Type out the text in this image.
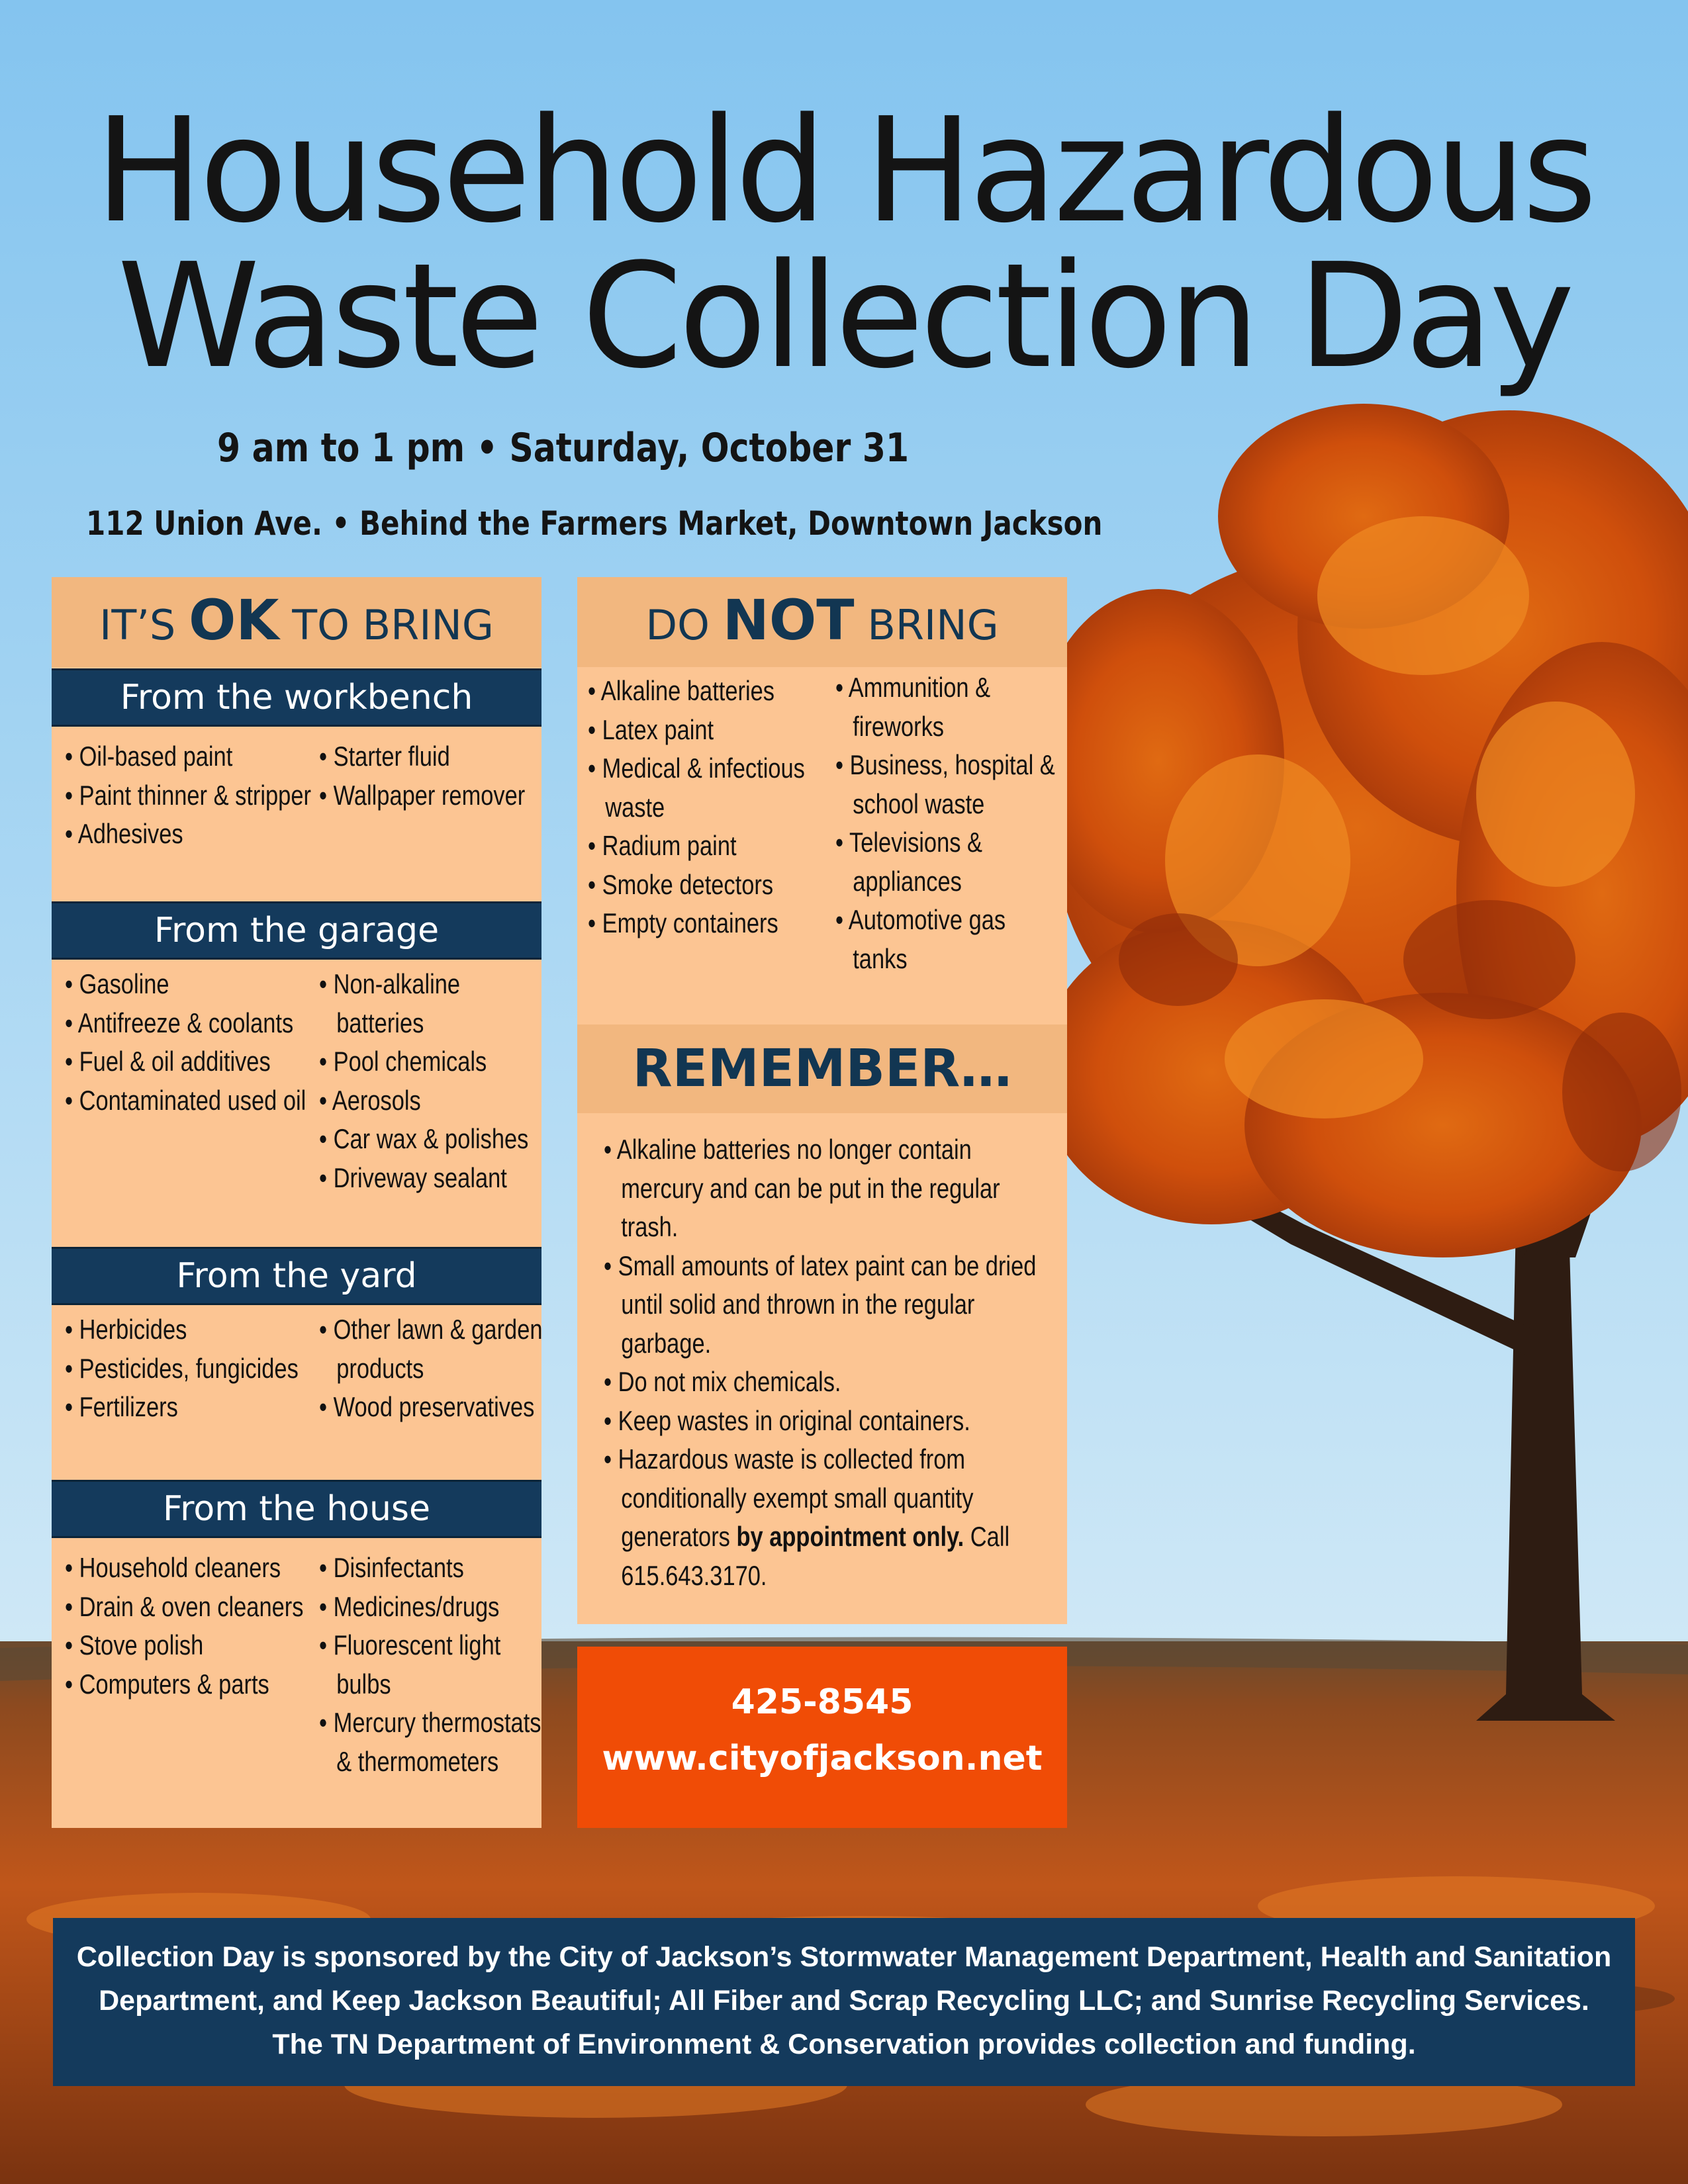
Household Hazardous
Waste Collection Day
9 am to 1 pm • Saturday, October 31
112 Union Ave. • Behind the Farmers Market, Downtown Jackson
IT’S OK TO BRING
From the workbench
• Oil-based paint
• Paint thinner & stripper
• Adhesives
• Starter fluid
• Wallpaper remover
From the garage
• Gasoline
• Antifreeze & coolants
• Fuel & oil additives
• Contaminated used oil
• Non-alkaline batteries
• Pool chemicals
• Aerosols
• Car wax & polishes
• Driveway sealant
From the yard
• Herbicides
• Pesticides, fungicides
• Fertilizers
• Other lawn & garden products
• Wood preservatives
From the house
• Household cleaners
• Drain & oven cleaners
• Stove polish
• Computers & parts
• Disinfectants
• Medicines/drugs
• Fluorescent light bulbs
• Mercury thermostats & thermometers
DO NOT BRING
• Alkaline batteries
• Latex paint
• Medical & infectious waste
• Radium paint
• Smoke detectors
• Empty containers
• Ammunition & fireworks
• Business, hospital & school waste
• Televisions & appliances
• Automotive gas tanks
REMEMBER…
• Alkaline batteries no longer contain mercury and can be put in the regular trash.
• Small amounts of latex paint can be dried until solid and thrown in the regular garbage.
• Do not mix chemicals.
• Keep wastes in original containers.
• Hazardous waste is collected from conditionally exempt small quantity generators by appointment only. Call 615.643.3170.
425-8545
www.cityofjackson.net
Collection Day is sponsored by the City of Jackson’s Stormwater Management Department, Health and Sanitation
Department, and Keep Jackson Beautiful; All Fiber and Scrap Recycling LLC; and Sunrise Recycling Services.
The TN Department of Environment & Conservation provides collection and funding.
